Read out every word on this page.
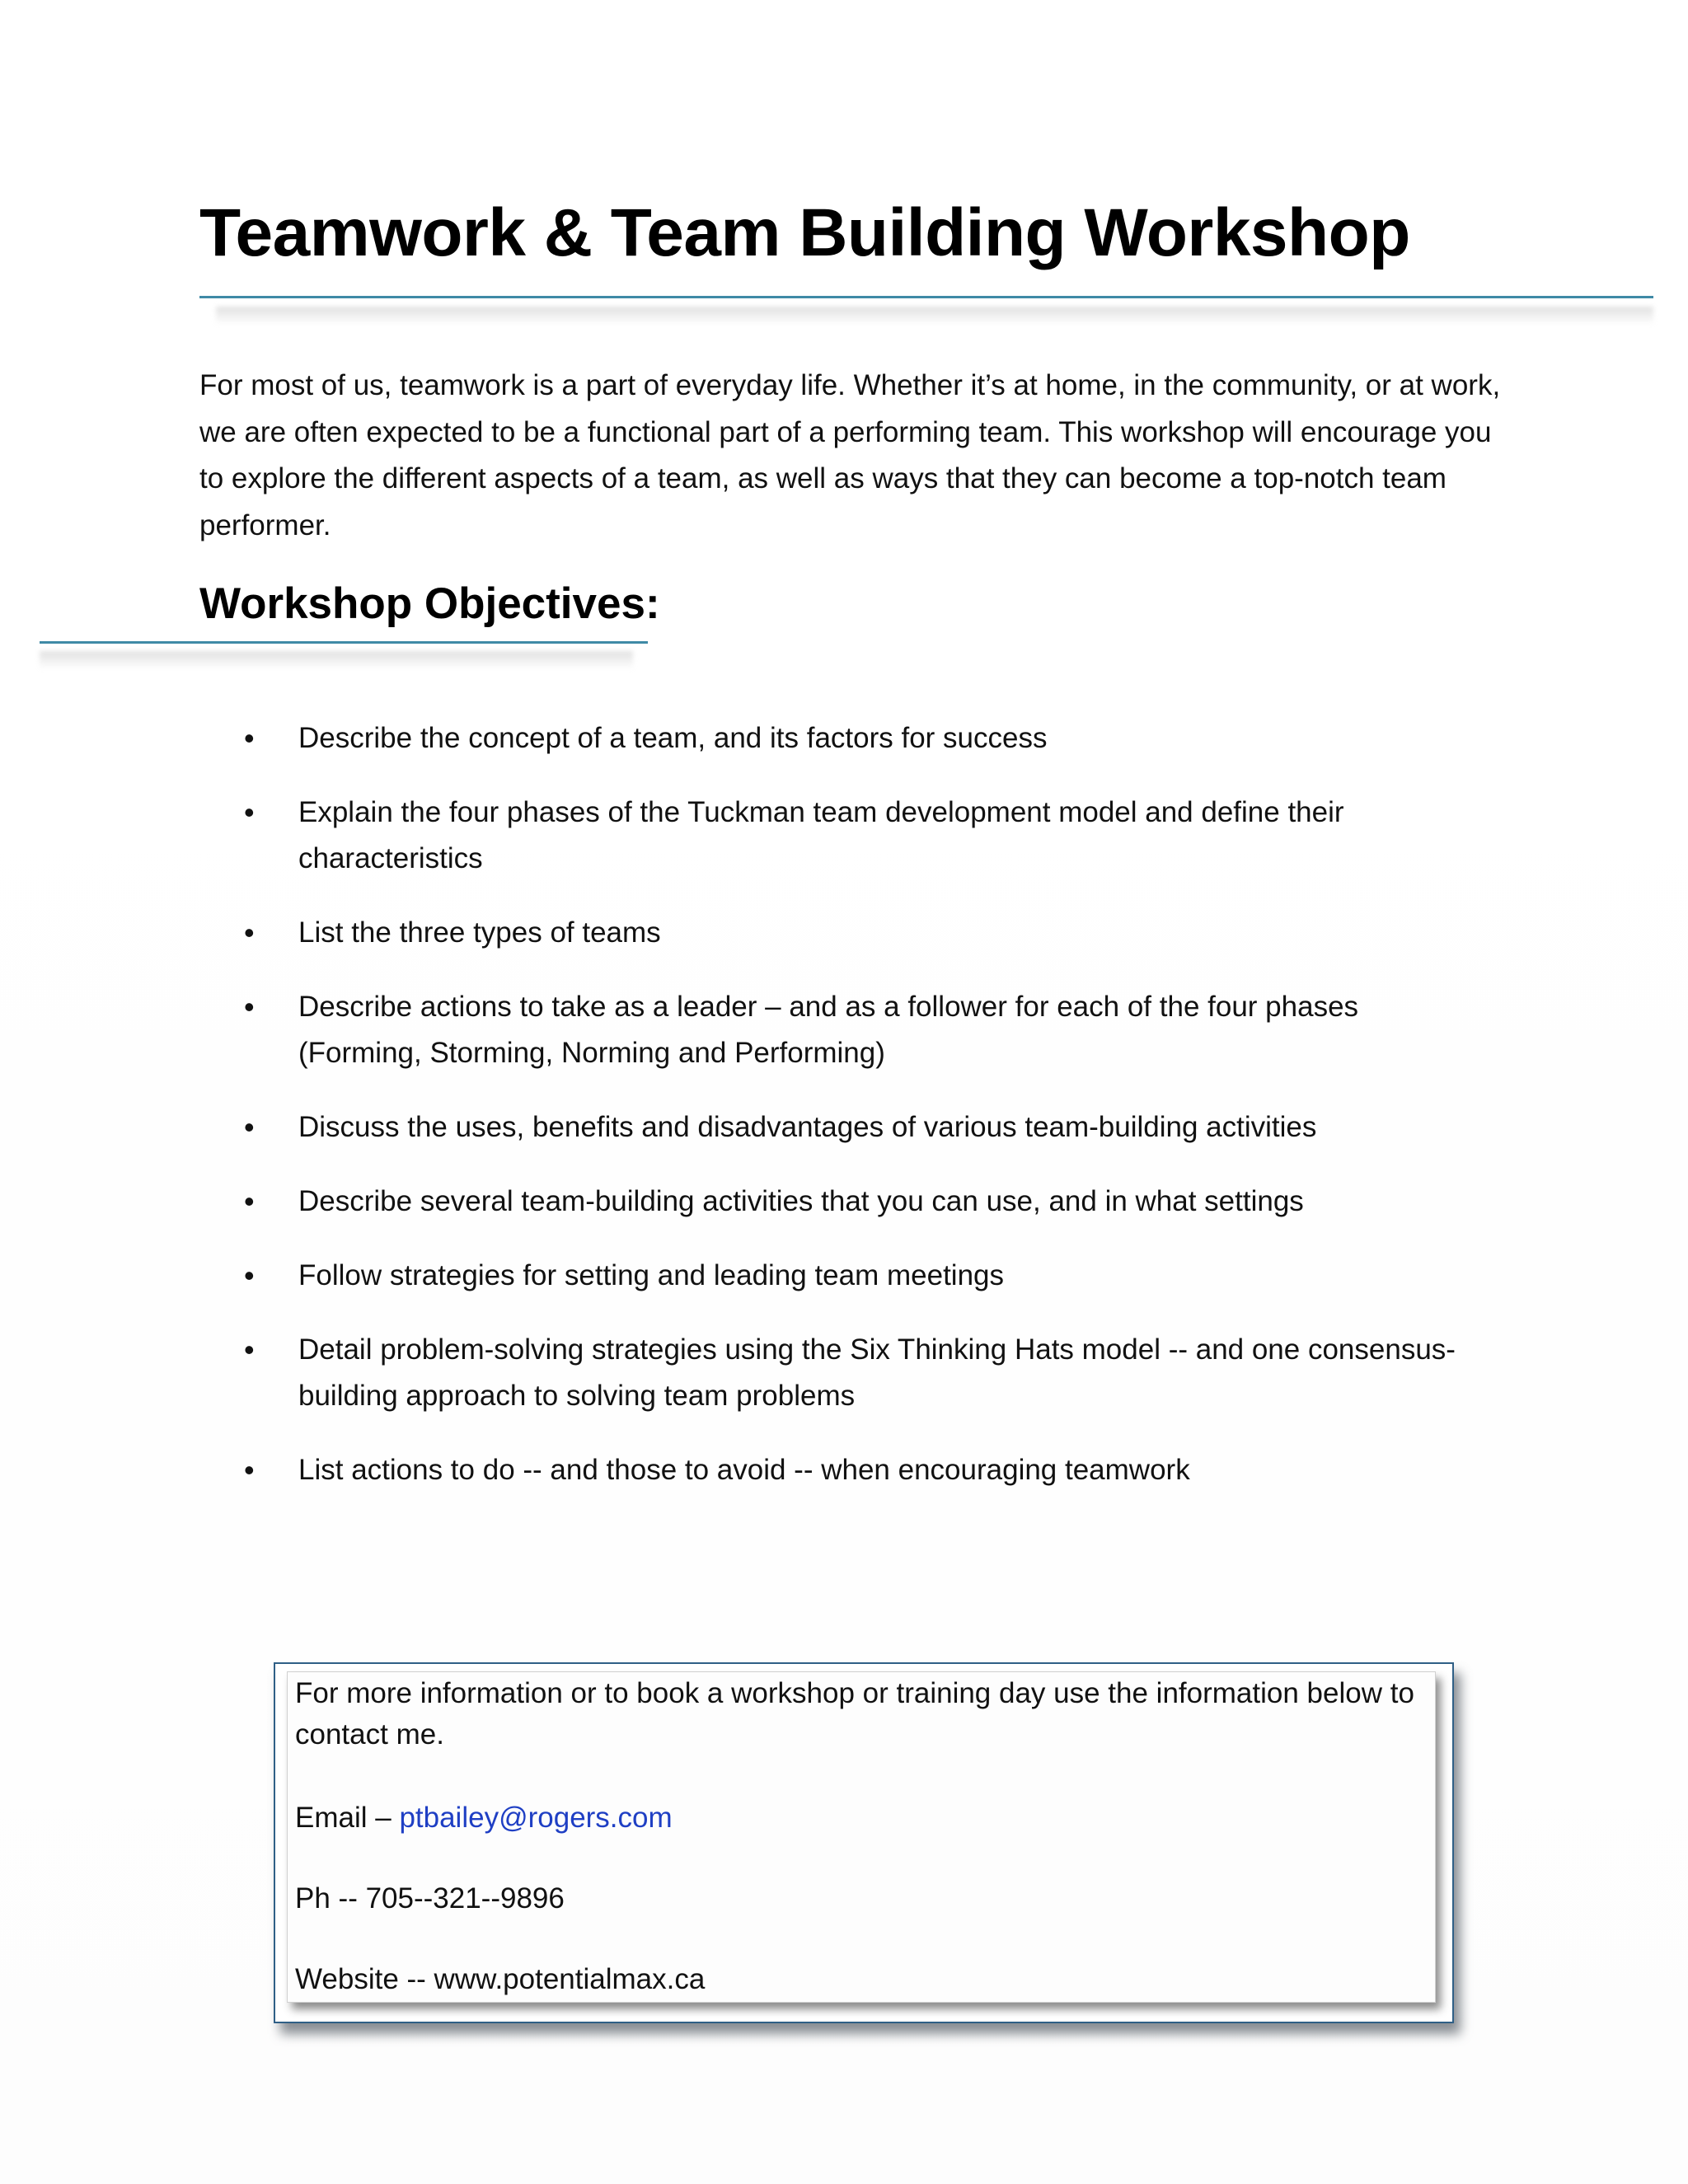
Teamwork & Team Building Workshop

For most of us, teamwork is a part of everyday life. Whether it’s at home, in the community, or at work, we are often expected to be a functional part of a performing team. This workshop will encourage you to explore the different aspects of a team, as well as ways that they can become a top-notch team performer.

Workshop Objectives:
•	Describe the concept of a team, and its factors for success
•	Explain the four phases of the Tuckman team development model and define their characteristics
•	List the three types of teams
•	Describe actions to take as a leader – and as a follower for each of the four phases (Forming, Storming, Norming and Performing)
•	Discuss the uses, benefits and disadvantages of various team-building activities
•	Describe several team-building activities that you can use, and in what settings
•	Follow strategies for setting and leading team meetings
•	Detail problem-solving strategies using the Six Thinking Hats model -- and one consensus-building approach to solving team problems
•	List actions to do -- and those to avoid -- when encouraging teamwork

For more information or to book a workshop or training day use the information below to contact me.

Email – ptbailey@rogers.com

Ph -- 705--321--9896

Website -- www.potentialmax.ca
